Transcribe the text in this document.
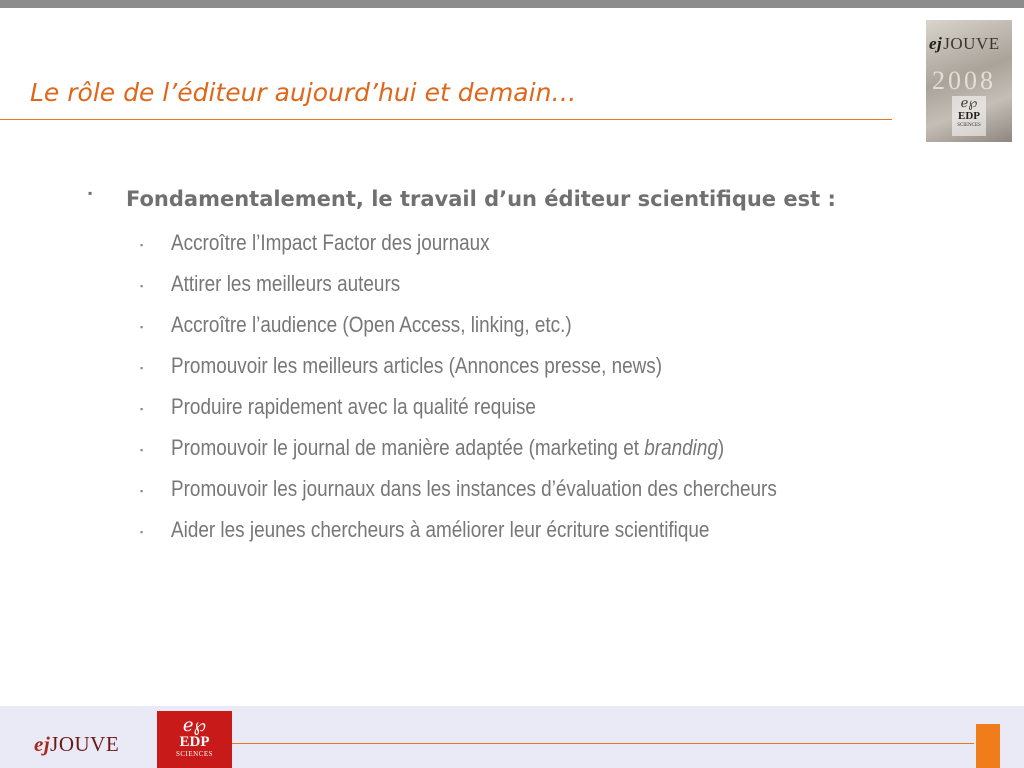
Le rôle de l’éditeur aujourd’hui et demain…
ejJOUVE
2008
ℯ℘
EDP
SCIENCES
▪ Fondamentalement, le travail d’un éditeur scientifique est :

▪ Accroître l’Impact Factor des journaux
▪ Attirer les meilleurs auteurs
▪ Accroître l’audience (Open Access, linking, etc.)
▪ Promouvoir les meilleurs articles (Annonces presse, news)
▪ Produire rapidement avec la qualité requise
▪ Promouvoir le journal de manière adaptée (marketing et branding)
▪ Promouvoir les journaux dans les instances d’évaluation des chercheurs
▪ Aider les jeunes chercheurs à améliorer leur écriture scientifique
ejJOUVE
ℯ℘
EDP
SCIENCES
